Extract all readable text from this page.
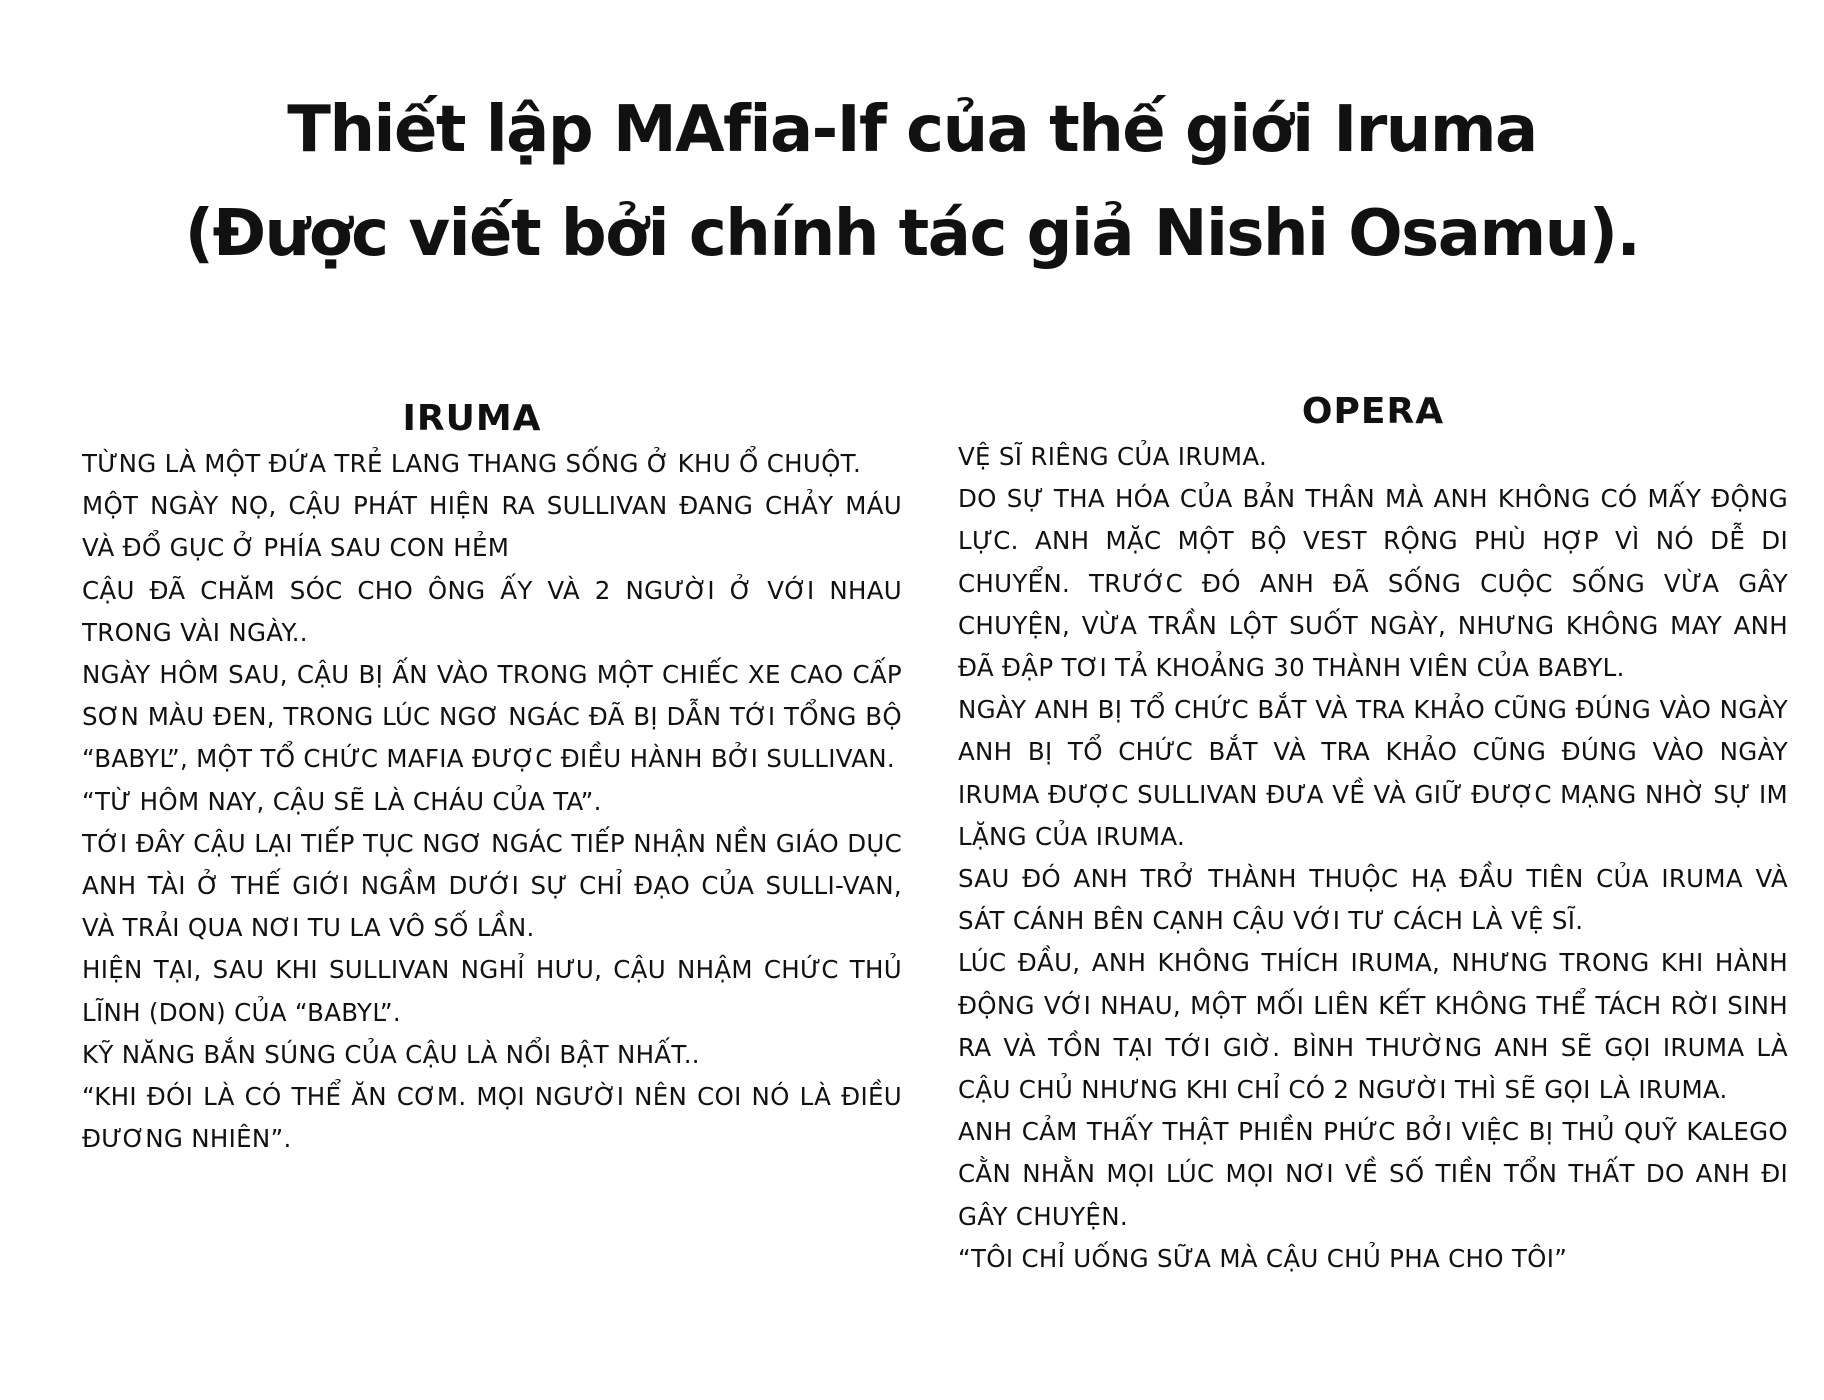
Thiết lập MAfia-If của thế giới Iruma
(Được viết bởi chính tác giả Nishi Osamu).
IRUMA

TỪNG LÀ MỘT ĐỨA TRẺ LANG THANG SỐNG Ở KHU Ổ CHUỘT.

MỘT NGÀY NỌ, CẬU PHÁT HIỆN RA SULLIVAN ĐANG CHẢY MÁU VÀ ĐỔ GỤC Ở PHÍA SAU CON HẺM

CẬU ĐÃ CHĂM SÓC CHO ÔNG ẤY VÀ 2 NGƯỜI Ở VỚI NHAU TRONG VÀI NGÀY..

NGÀY HÔM SAU, CẬU BỊ ẤN VÀO TRONG MỘT CHIẾC XE CAO CẤP SƠN MÀU ĐEN, TRONG LÚC NGƠ NGÁC ĐÃ BỊ DẪN TỚI TỔNG BỘ “BABYL”, MỘT TỔ CHỨC MAFIA ĐƯỢC ĐIỀU HÀNH BỞI SULLIVAN.

“TỪ HÔM NAY, CẬU SẼ LÀ CHÁU CỦA TA”.

TỚI ĐÂY CẬU LẠI TIẾP TỤC NGƠ NGÁC TIẾP NHẬN NỀN GIÁO DỤC ANH TÀI Ở THẾ GIỚI NGẦM DƯỚI SỰ CHỈ ĐẠO CỦA SULLI-VAN, VÀ TRẢI QUA NƠI TU LA VÔ SỐ LẦN.

HIỆN TẠI, SAU KHI SULLIVAN NGHỈ HƯU, CẬU NHẬM CHỨC THỦ LĨNH (DON) CỦA “BABYL”.

KỸ NĂNG BẮN SÚNG CỦA CẬU LÀ NỔI BẬT NHẤT..

“KHI ĐÓI LÀ CÓ THỂ ĂN CƠM. MỌI NGƯỜI NÊN COI NÓ LÀ ĐIỀU ĐƯƠNG NHIÊN”.

OPERA

VỆ SĨ RIÊNG CỦA IRUMA.

DO SỰ THA HÓA CỦA BẢN THÂN MÀ ANH KHÔNG CÓ MẤY ĐỘNG LỰC. ANH MẶC MỘT BỘ VEST RỘNG PHÙ HỢP VÌ NÓ DỄ DI CHUYỂN. TRƯỚC ĐÓ ANH ĐÃ SỐNG CUỘC SỐNG VỪA GÂY CHUYỆN, VỪA TRẦN LỘT SUỐT NGÀY, NHƯNG KHÔNG MAY ANH ĐÃ ĐẬP TƠI TẢ KHOẢNG 30 THÀNH VIÊN CỦA BABYL.

NGÀY ANH BỊ TỔ CHỨC BẮT VÀ TRA KHẢO CŨNG ĐÚNG VÀO NGÀY ANH BỊ TỔ CHỨC BẮT VÀ TRA KHẢO CŨNG ĐÚNG VÀO NGÀY IRUMA ĐƯỢC SULLIVAN ĐƯA VỀ VÀ GIỮ ĐƯỢC MẠNG NHỜ SỰ IM LẶNG CỦA IRUMA.

SAU ĐÓ ANH TRỞ THÀNH THUỘC HẠ ĐẦU TIÊN CỦA IRUMA VÀ SÁT CÁNH BÊN CẠNH CẬU VỚI TƯ CÁCH LÀ VỆ SĨ.

LÚC ĐẦU, ANH KHÔNG THÍCH IRUMA, NHƯNG TRONG KHI HÀNH ĐỘNG VỚI NHAU, MỘT MỐI LIÊN KẾT KHÔNG THỂ TÁCH RỜI SINH RA VÀ TỒN TẠI TỚI GIỜ. BÌNH THƯỜNG ANH SẼ GỌI IRUMA LÀ CẬU CHỦ NHƯNG KHI CHỈ CÓ 2 NGƯỜI THÌ SẼ GỌI LÀ IRUMA.

ANH CẢM THẤY THẬT PHIỀN PHỨC BỞI VIỆC BỊ THỦ QUỸ KALEGO CẰN NHẰN MỌI LÚC MỌI NƠI VỀ SỐ TIỀN TỔN THẤT DO ANH ĐI GÂY CHUYỆN.

“TÔI CHỈ UỐNG SỮA MÀ CẬU CHỦ PHA CHO TÔI”
